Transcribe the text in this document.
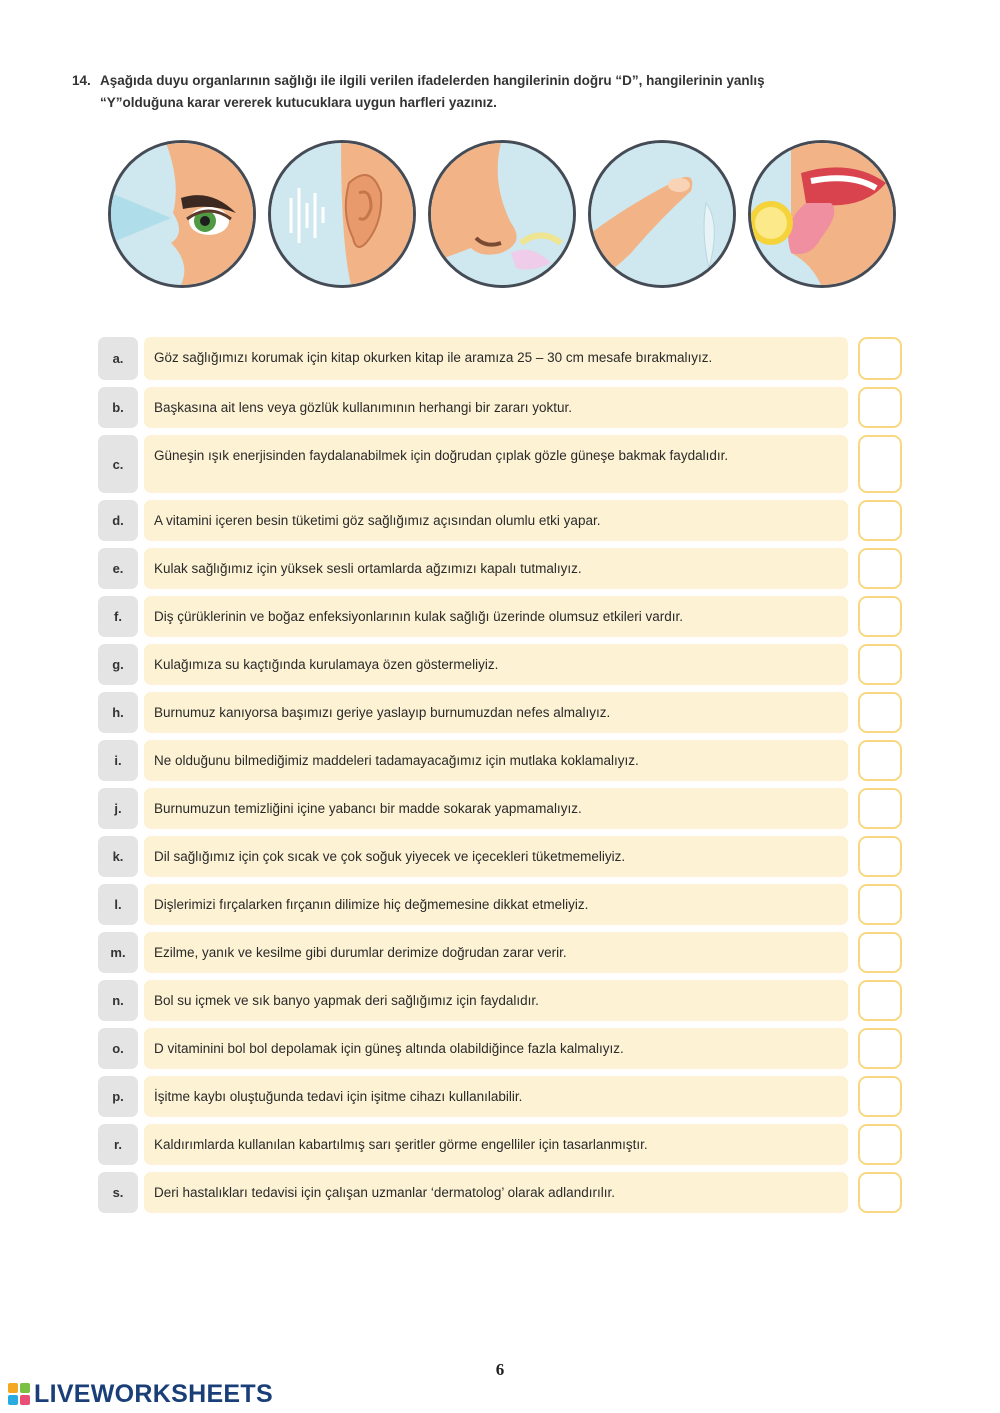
14. Aşağıda duyu organlarının sağlığı ile ilgili verilen ifadelerden hangilerinin doğru “D”, hangilerinin yanlış
“Y”olduğuna karar vererek kutucuklara uygun harfleri yazınız.
a.	Göz sağlığımızı korumak için kitap okurken kitap ile aramıza 25 – 30 cm mesafe bırakmalıyız.
b.	Başkasına ait lens veya gözlük kullanımının herhangi bir zararı yoktur.
c.
Güneşin ışık enerjisinden faydalanabilmek için doğrudan çıplak gözle güneşe bakmak faydalıdır.
d.	A vitamini içeren besin tüketimi göz sağlığımız açısından olumlu etki yapar.
e.	Kulak sağlığımız için yüksek sesli ortamlarda ağzımızı kapalı tutmalıyız.
f.	Diş çürüklerinin ve boğaz enfeksiyonlarının kulak sağlığı üzerinde olumsuz etkileri vardır.
g.	Kulağımıza su kaçtığında kurulamaya özen göstermeliyiz.
h.	Burnumuz kanıyorsa başımızı geriye yaslayıp burnumuzdan nefes almalıyız.
i.	Ne olduğunu bilmediğimiz maddeleri tadamayacağımız için mutlaka koklamalıyız.
j.	Burnumuzun temizliğini içine yabancı bir madde sokarak yapmamalıyız.
k.	Dil sağlığımız için çok sıcak ve çok soğuk yiyecek ve içecekleri tüketmemeliyiz.
l.	Dişlerimizi fırçalarken fırçanın dilimize hiç değmemesine dikkat etmeliyiz.
m.	Ezilme, yanık ve kesilme gibi durumlar derimize doğrudan zarar verir.
n.	Bol su içmek ve sık banyo yapmak deri sağlığımız için faydalıdır.
o.	D vitaminini bol bol depolamak için güneş altında olabildiğince fazla kalmalıyız.
p.	İşitme kaybı oluştuğunda tedavi için işitme cihazı kullanılabilir.
r.	Kaldırımlarda kullanılan kabartılmış sarı şeritler görme engelliler için tasarlanmıştır.
s.	Deri hastalıkları tedavisi için çalışan uzmanlar ‘dermatolog’ olarak adlandırılır.
6
LIVEWORKSHEETS
